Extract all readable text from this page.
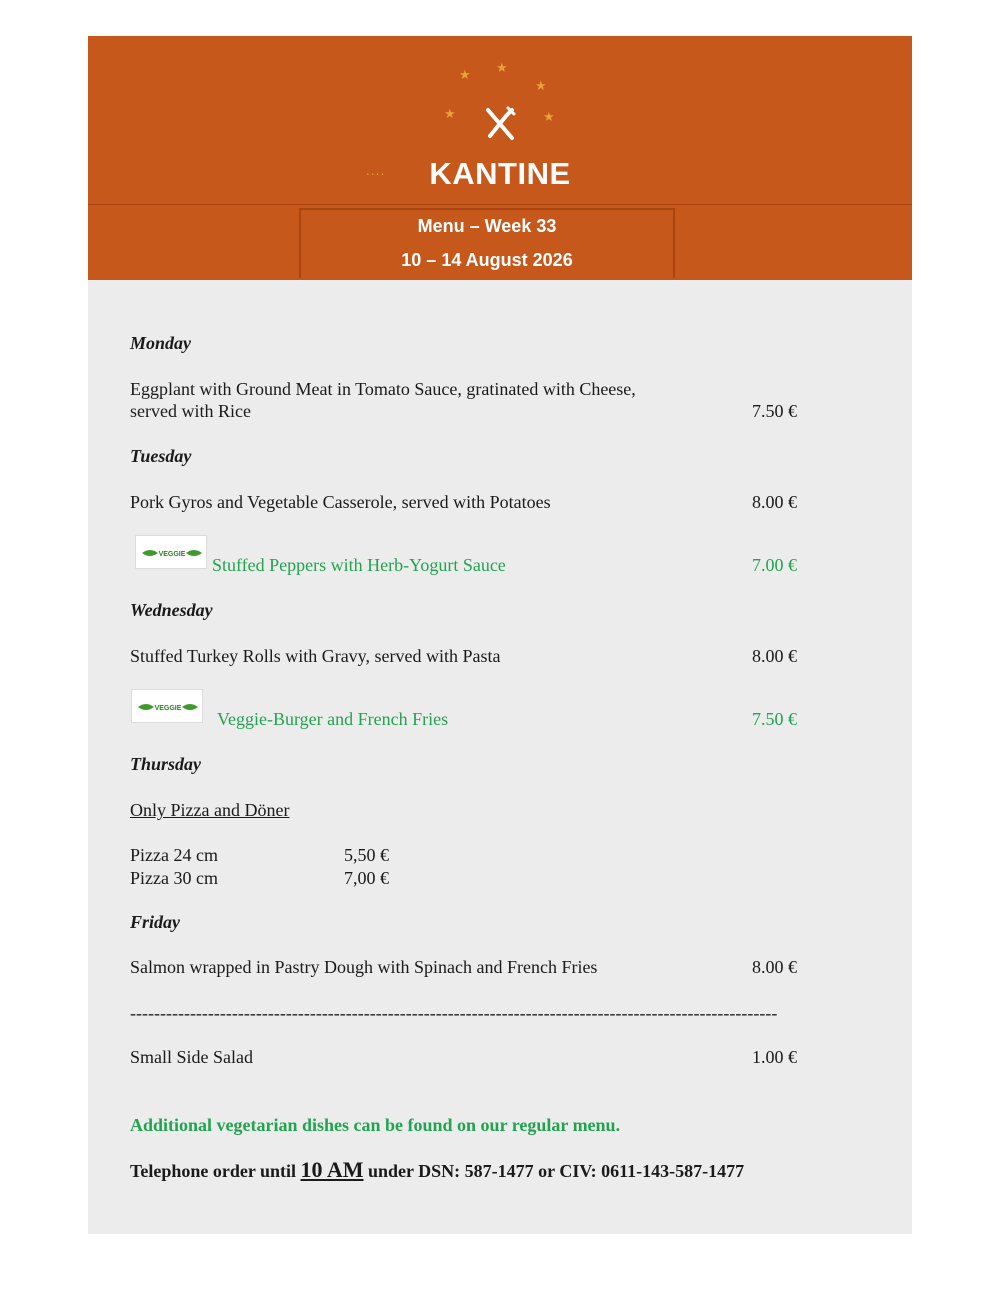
★ ★
★
★	★
....	KANTINE
Menu – Week 33
10 – 14 August 2026
Monday
Eggplant with Ground Meat in Tomato Sauce, gratinated with Cheese,
served with Rice	7.50 €
Tuesday
Pork Gyros and Vegetable Casserole, served with Potatoes	8.00 €
VEGGIE
Stuffed Peppers with Herb-Yogurt Sauce	7.00 €
Wednesday
Stuffed Turkey Rolls with Gravy, served with Pasta	8.00 €
VEGGIE
Veggie-Burger and French Fries	7.50 €
Thursday
Only Pizza and Döner
Pizza 24 cm	5,50 €
Pizza 30 cm	7,00 €
Friday
Salmon wrapped in Pastry Dough with Spinach and French Fries	8.00 €
------------------------------------------------------------------------------------------------------------
Small Side Salad	1.00 €
Additional vegetarian dishes can be found on our regular menu.
Telephone order until 10 AM under DSN: 587-1477 or CIV: 0611-143-587-1477
